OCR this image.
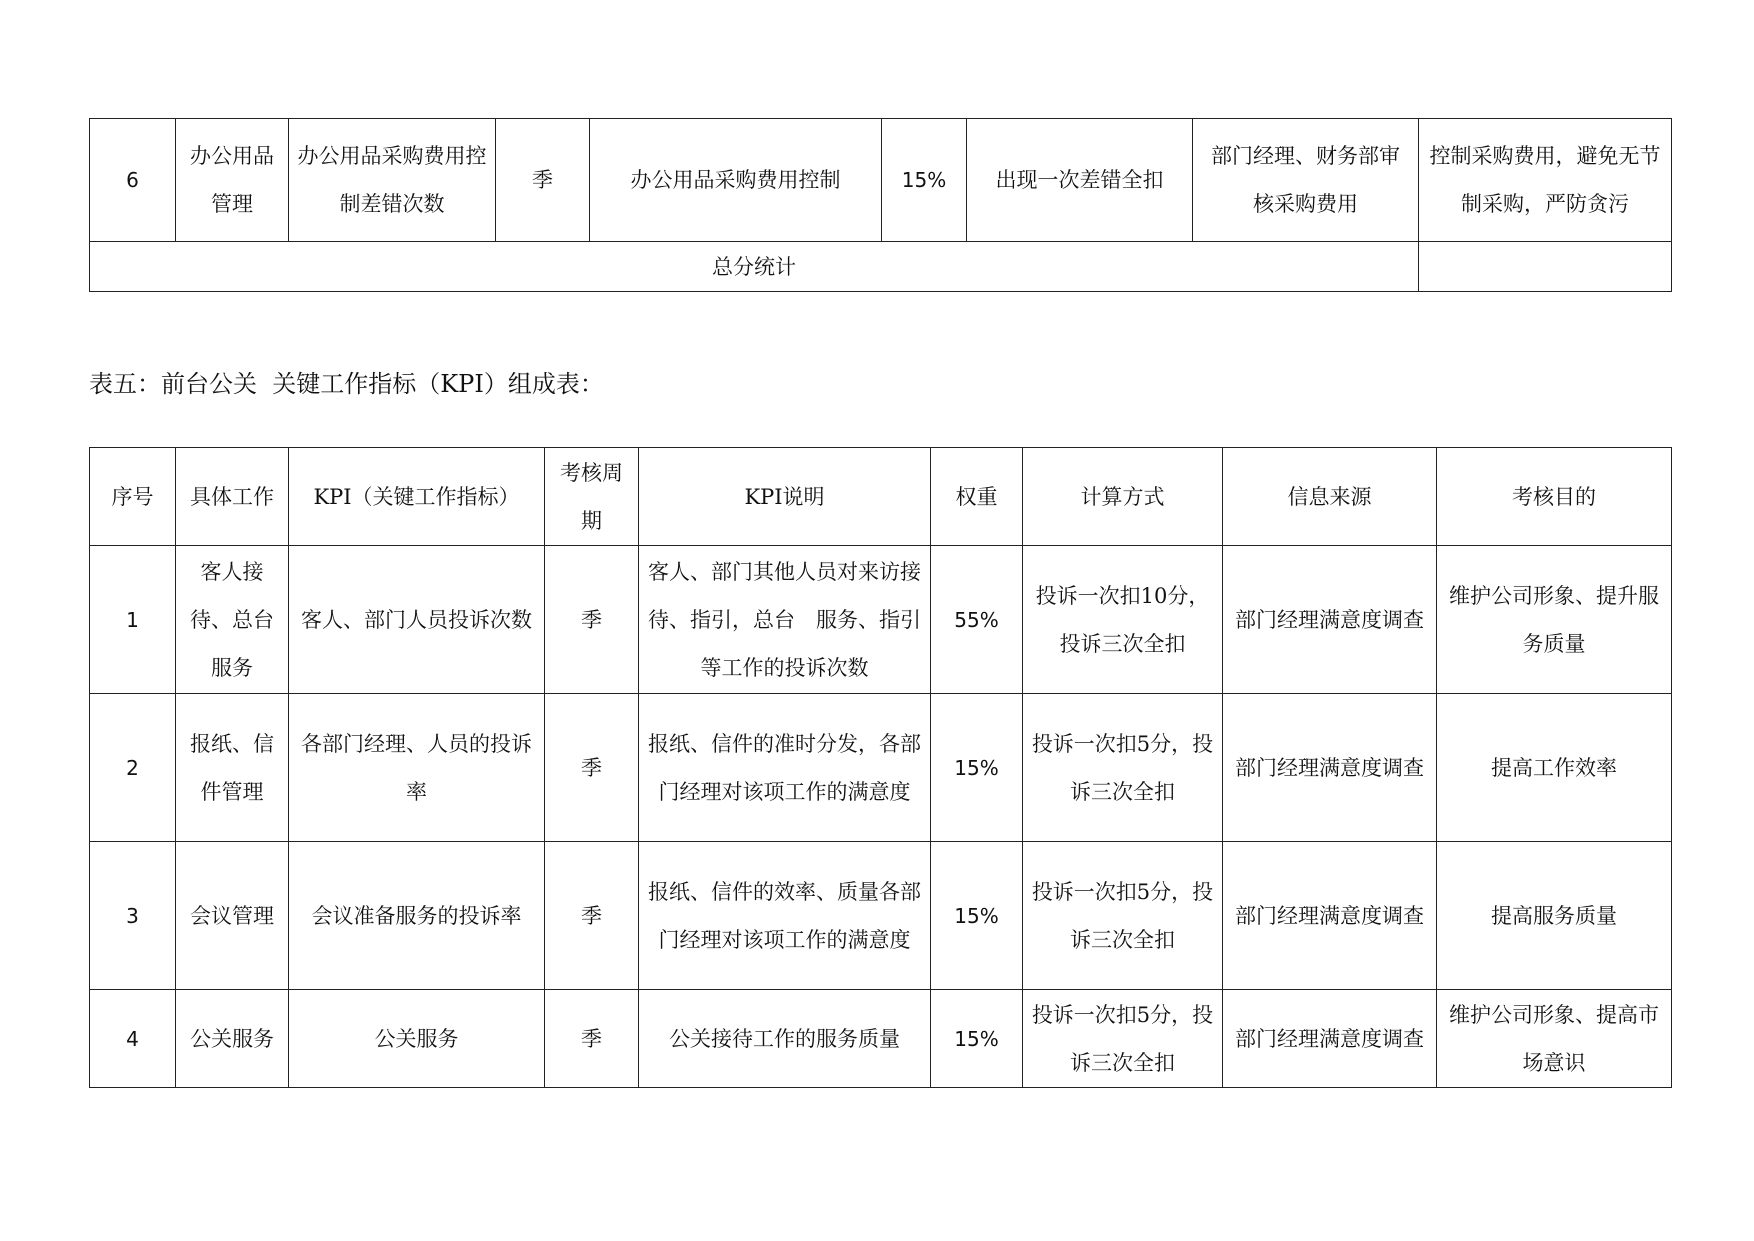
6	办公用品管理	办公用品采购费用控制差错次数	季	办公用品采购费用控制	15%	出现一次差错全扣	部门经理、财务部审核采购费用	控制采购费用，避免无节制采购，严防贪污
总分统计								
表五：前台公关  关键工作指标（KPI）组成表：
序号	具体工作	KPI（关键工作指标）	考核周期	KPI说明	权重	计算方式	信息来源	考核目的
1	客人接待、总台　服务	客人、部门人员投诉次数	季	客人、部门其他人员对来访接待、指引，总台　服务、指引等工作的投诉次数	55%	投诉一次扣10分，投诉三次全扣	部门经理满意度调查	维护公司形象、提升服务质量
2	报纸、信件管理	各部门经理、人员的投诉率	季	报纸、信件的准时分发，各部门经理对该项工作的满意度	15%	投诉一次扣5分，投诉三次全扣	部门经理满意度调查	提高工作效率
3	会议管理	会议准备服务的投诉率	季	报纸、信件的效率、质量各部门经理对该项工作的满意度	15%	投诉一次扣5分，投诉三次全扣	部门经理满意度调查	提高服务质量
4	公关服务	公关服务	季	公关接待工作的服务质量	15%	投诉一次扣5分，投诉三次全扣	部门经理满意度调查	维护公司形象、提高市场意识
